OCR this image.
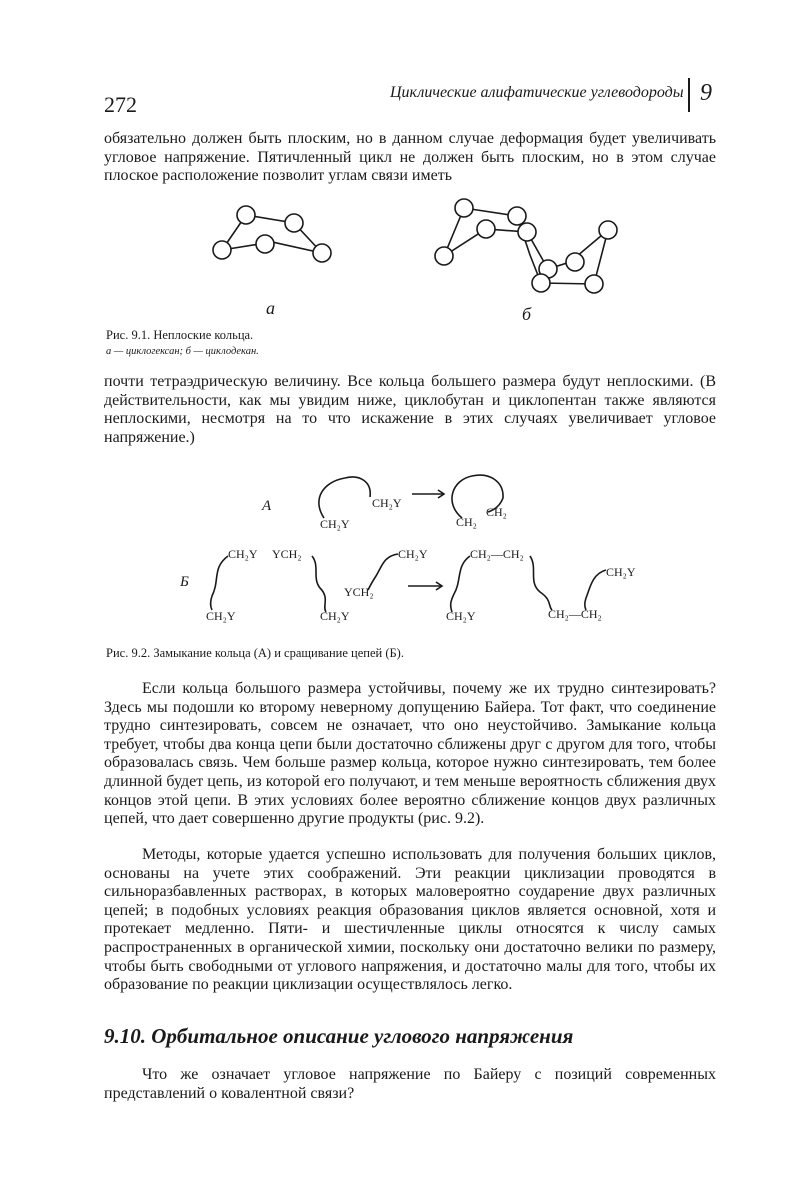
272	Циклические алифатические углеводороды 9

обязательно должен быть плоским, но в данном случае деформация будет увеличивать угловое напряжение. Пятичленный цикл не должен быть плоским, но в этом случае плоское расположение позволит углам связи иметь

а	б

Рис. 9.1. Неплоские кольца.

а — циклогексан; б — циклодекан.

почти тетраэдрическую величину. Все кольца большего размера будут неплоскими. (В действительности, как мы увидим ниже, циклобутан и циклопентан также являются неплоскими, несмотря на то что искажение в этих случаях увеличивает угловое напряжение.)

А	CH₂Y
CH₂Y
CH₂
CH₂
Б
CH₂Y YCH₂
CH₂Y	CH₂Y
CH₂Y
YCH₂
CH₂—CH₂
CH₂Y	CH₂—CH₂
CH₂Y

Рис. 9.2. Замыкание кольца (А) и сращивание цепей (Б).

Если кольца большого размера устойчивы, почему же их трудно синтезировать? Здесь мы подошли ко второму неверному допущению Байера. Тот факт, что соединение трудно синтезировать, совсем не означает, что оно неустойчиво. Замыкание кольца требует, чтобы два конца цепи были достаточно сближены друг с другом для того, чтобы образовалась связь. Чем больше размер кольца, которое нужно синтезировать, тем более длинной будет цепь, из которой его получают, и тем меньше вероятность сближения двух концов этой цепи. В этих условиях более вероятно сближение концов двух различных цепей, что дает совершенно другие продукты (рис. 9.2).

Методы, которые удается успешно использовать для получения больших циклов, основаны на учете этих соображений. Эти реакции циклизации проводятся в сильноразбавленных растворах, в которых маловероятно соударение двух различных цепей; в подобных условиях реакция образования циклов является основной, хотя и протекает медленно. Пяти- и шестичленные циклы относятся к числу самых распространенных в органической химии, поскольку они достаточно велики по размеру, чтобы быть свободными от углового напряжения, и достаточно малы для того, чтобы их образование по реакции циклизации осуществлялось легко.

9.10. Орбитальное описание углового напряжения

Что же означает угловое напряжение по Байеру с позиций современных представлений о ковалентной связи?
